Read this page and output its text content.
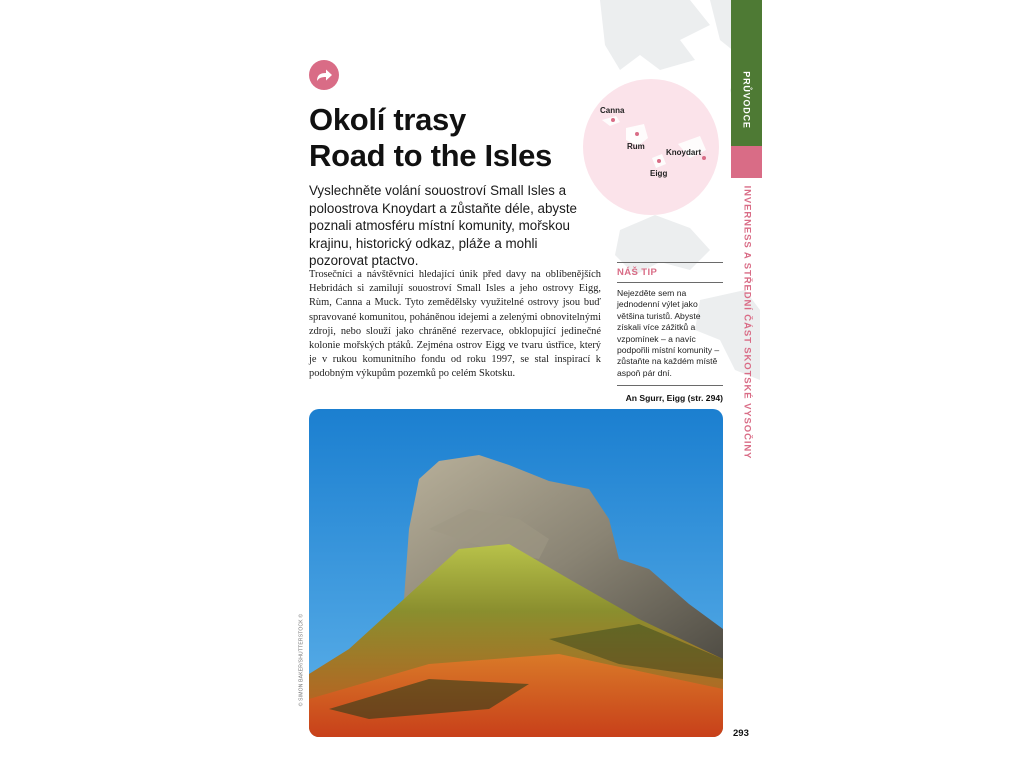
PRŮVODCE
INVERNESS A STŘEDNÍ ČÁST SKOTSKÉ VYSOČINY
Okolí trasy
Road to the Isles

Vyslechněte volání souostroví Small Isles a poloostrova Knoydart a zůstaňte déle, abyste poznali atmosféru místní komunity, mořskou krajinu, historický odkaz, pláže a mohli pozorovat ptactvo.

Trosečníci a návštěvníci hledající únik před davy na oblíbenějších Hebridách si zamilují souostroví Small Isles a jeho ostrovy Eigg, Rùm, Canna a Muck. Tyto zemědělsky využitelné ostrovy jsou buď spravované komunitou, poháněnou idejemi a zelenými obnovitelnými zdroji, nebo slouží jako chráněné rezervace, obklopující jedinečné kolonie mořských ptáků. Zejména ostrov Eigg ve tvaru ústřice, který je v rukou komunitního fondu od roku 1997, se stal inspirací k podobným výkupům pozemků po celém Skotsku.

Canna
Rum
Knoydart
Eigg
NÁŠ TIP

Nejezděte sem na jednodenní výlet jako většina turistů. Abyste získali více zážitků a vzpomínek – a navíc podpořili místní komunity – zůstaňte na každém místě aspoň pár dní.

An Sgurr, Eigg (str. 294)
© SIMON BAKER/SHUTTERSTOCK ©
293
